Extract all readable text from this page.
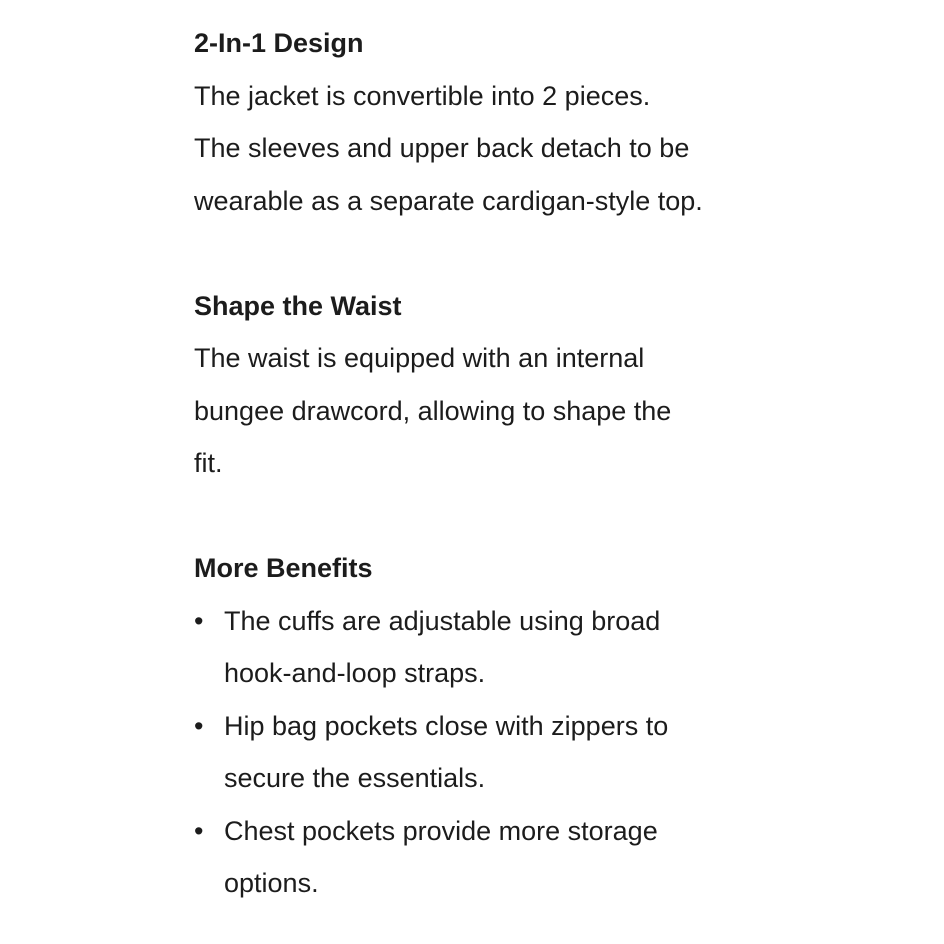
2-In-1 Design

The jacket is convertible into 2 pieces.
The sleeves and upper back detach to be
wearable as a separate cardigan-style top.

Shape the Waist

The waist is equipped with an internal
bungee drawcord, allowing to shape the
fit.

More Benefits

• The cuffs are adjustable using broad
hook-and-loop straps.
• Hip bag pockets close with zippers to
secure the essentials.
• Chest pockets provide more storage
options.
